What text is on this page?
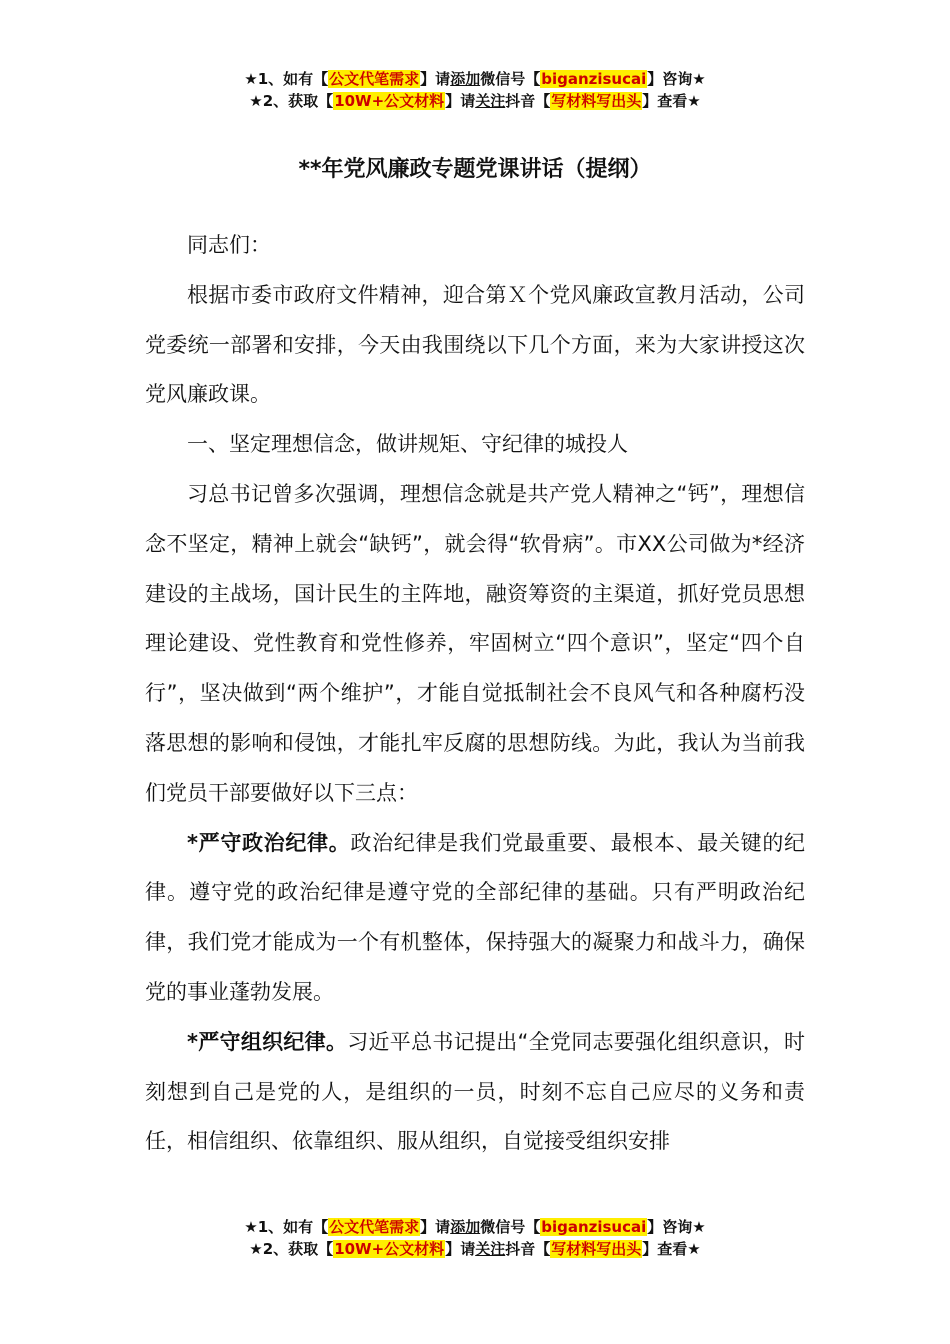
★1、如有【公文代笔需求】请添加微信号【biganzisucai】咨询★
★2、获取【10W+公文材料】请关注抖音【写材料写出头】查看★
**年党风廉政专题党课讲话（提纲）

同志们：

根据市委市政府文件精神，迎合第Ｘ个党风廉政宣教月活动，公司党委统一部署和安排，今天由我围绕以下几个方面，来为大家讲授这次党风廉政课。

一、坚定理想信念，做讲规矩、守纪律的城投人

习总书记曾多次强调，理想信念就是共产党人精神之“钙”，理想信念不坚定，精神上就会“缺钙”，就会得“软骨病”。市XX公司做为*经济建设的主战场，国计民生的主阵地，融资筹资的主渠道，抓好党员思想理论建设、党性教育和党性修养，牢固树立“四个意识”，坚定“四个自行”，坚决做到“两个维护”，才能自觉抵制社会不良风气和各种腐朽没落思想的影响和侵蚀，才能扎牢反腐的思想防线。为此，我认为当前我们党员干部要做好以下三点：

*严守政治纪律。政治纪律是我们党最重要、最根本、最关键的纪律。遵守党的政治纪律是遵守党的全部纪律的基础。只有严明政治纪律，我们党才能成为一个有机整体，保持强大的凝聚力和战斗力，确保党的事业蓬勃发展。

*严守组织纪律。习近平总书记提出“全党同志要强化组织意识，时刻想到自己是党的人，是组织的一员，时刻不忘自己应尽的义务和责任，相信组织、依靠组织、服从组织，自觉接受组织安排

★1、如有【公文代笔需求】请添加微信号【biganzisucai】咨询★
★2、获取【10W+公文材料】请关注抖音【写材料写出头】查看★
